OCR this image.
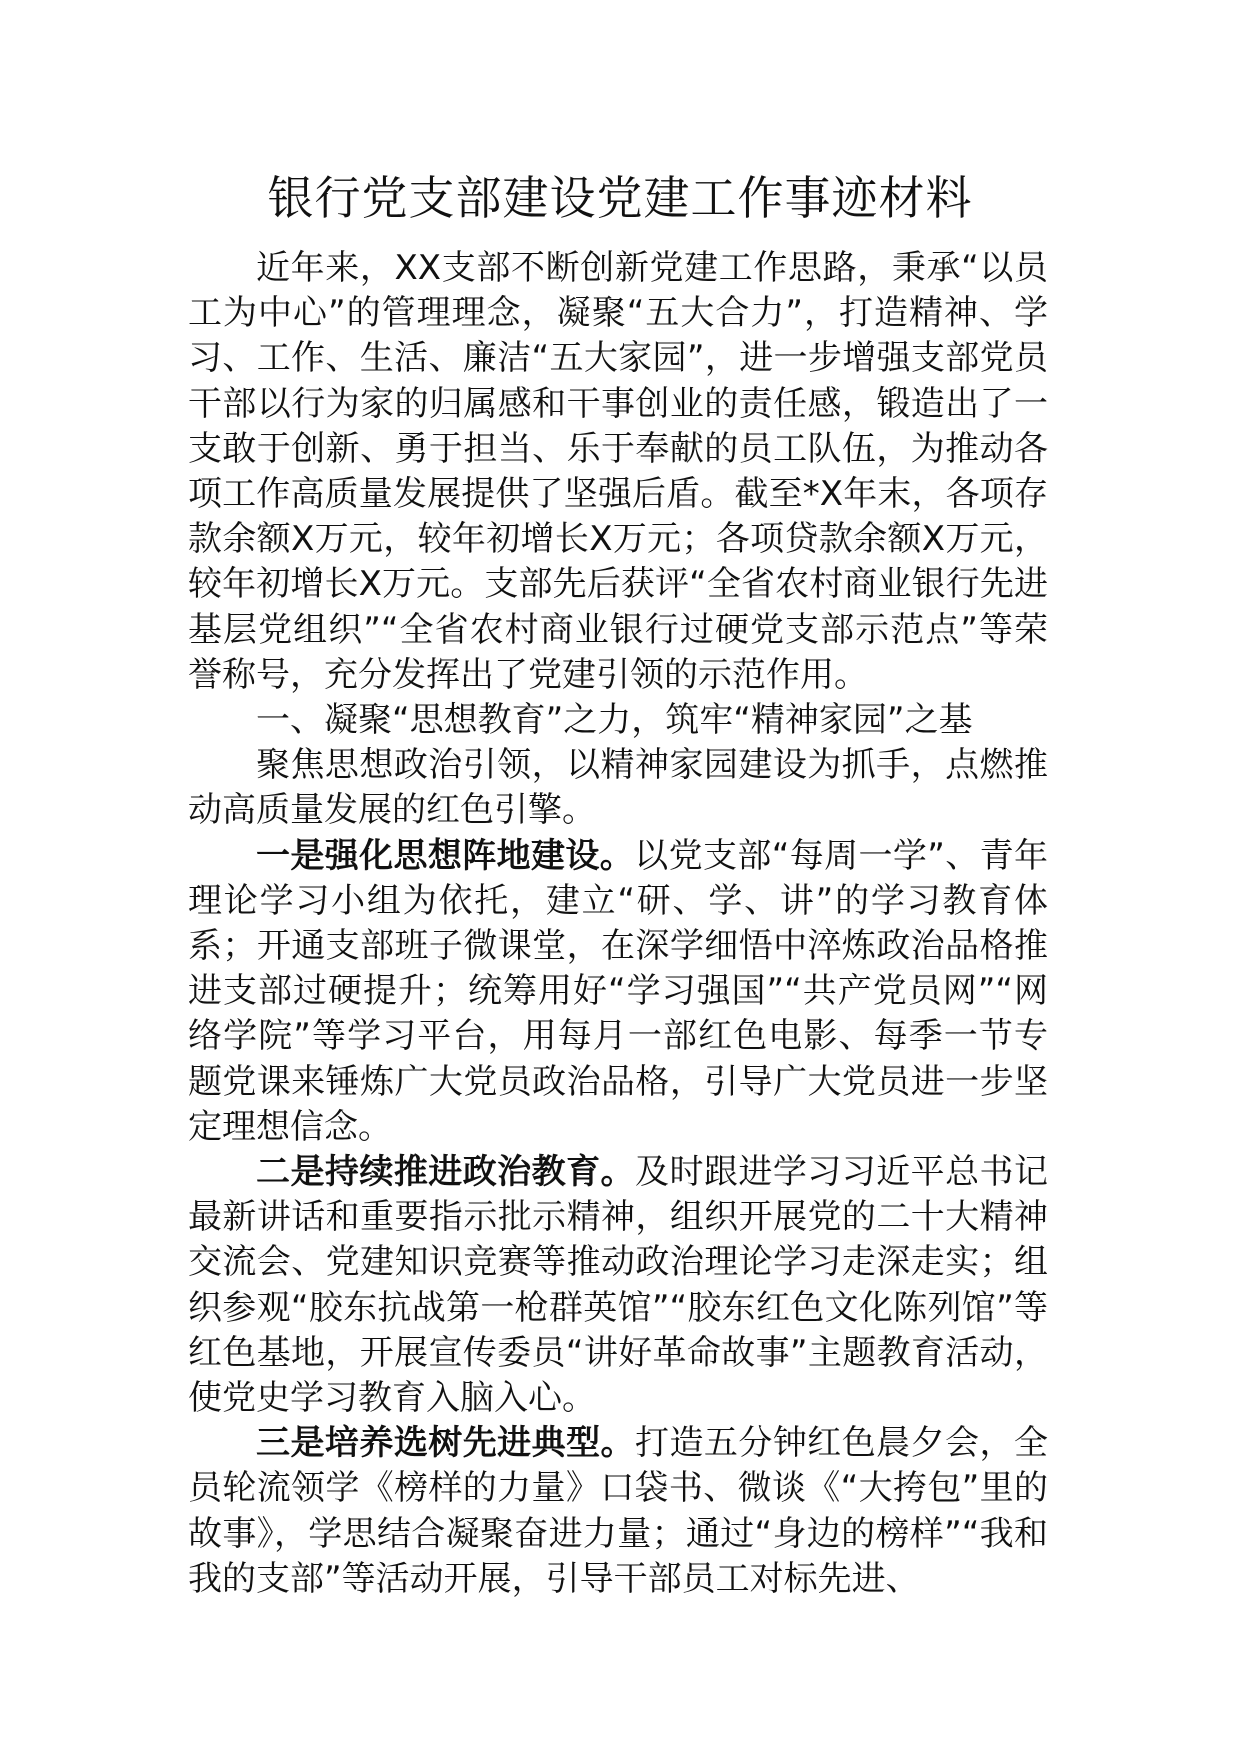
银行党支部建设党建工作事迹材料

近年来，XX支部不断创新党建工作思路，秉承“以员工为中心”的管理理念，凝聚“五大合力”，打造精神、学习、工作、生活、廉洁“五大家园”，进一步增强支部党员干部以行为家的归属感和干事创业的责任感，锻造出了一支敢于创新、勇于担当、乐于奉献的员工队伍，为推动各项工作高质量发展提供了坚强后盾。截至*X年末，各项存款余额X万元，较年初增长X万元；各项贷款余额X万元，较年初增长X万元。支部先后获评“全省农村商业银行先进基层党组织”“全省农村商业银行过硬党支部示范点”等荣誉称号，充分发挥出了党建引领的示范作用。

一、凝聚“思想教育”之力，筑牢“精神家园”之基

聚焦思想政治引领，以精神家园建设为抓手，点燃推动高质量发展的红色引擎。

一是强化思想阵地建设。以党支部“每周一学”、青年理论学习小组为依托，建立“研、学、讲”的学习教育体系；开通支部班子微课堂，在深学细悟中淬炼政治品格推进支部过硬提升；统筹用好“学习强国”“共产党员网”“网络学院”等学习平台，用每月一部红色电影、每季一节专题党课来锤炼广大党员政治品格，引导广大党员进一步坚定理想信念。

二是持续推进政治教育。及时跟进学习习近平总书记最新讲话和重要指示批示精神，组织开展党的二十大精神交流会、党建知识竞赛等推动政治理论学习走深走实；组织参观“胶东抗战第一枪群英馆”“胶东红色文化陈列馆”等红色基地，开展宣传委员“讲好革命故事”主题教育活动，使党史学习教育入脑入心。

三是培养选树先进典型。打造五分钟红色晨夕会，全员轮流领学《榜样的力量》口袋书、微谈《“大挎包”里的故事》，学思结合凝聚奋进力量；通过“身边的榜样”“我和我的支部”等活动开展，引导干部员工对标先进、
